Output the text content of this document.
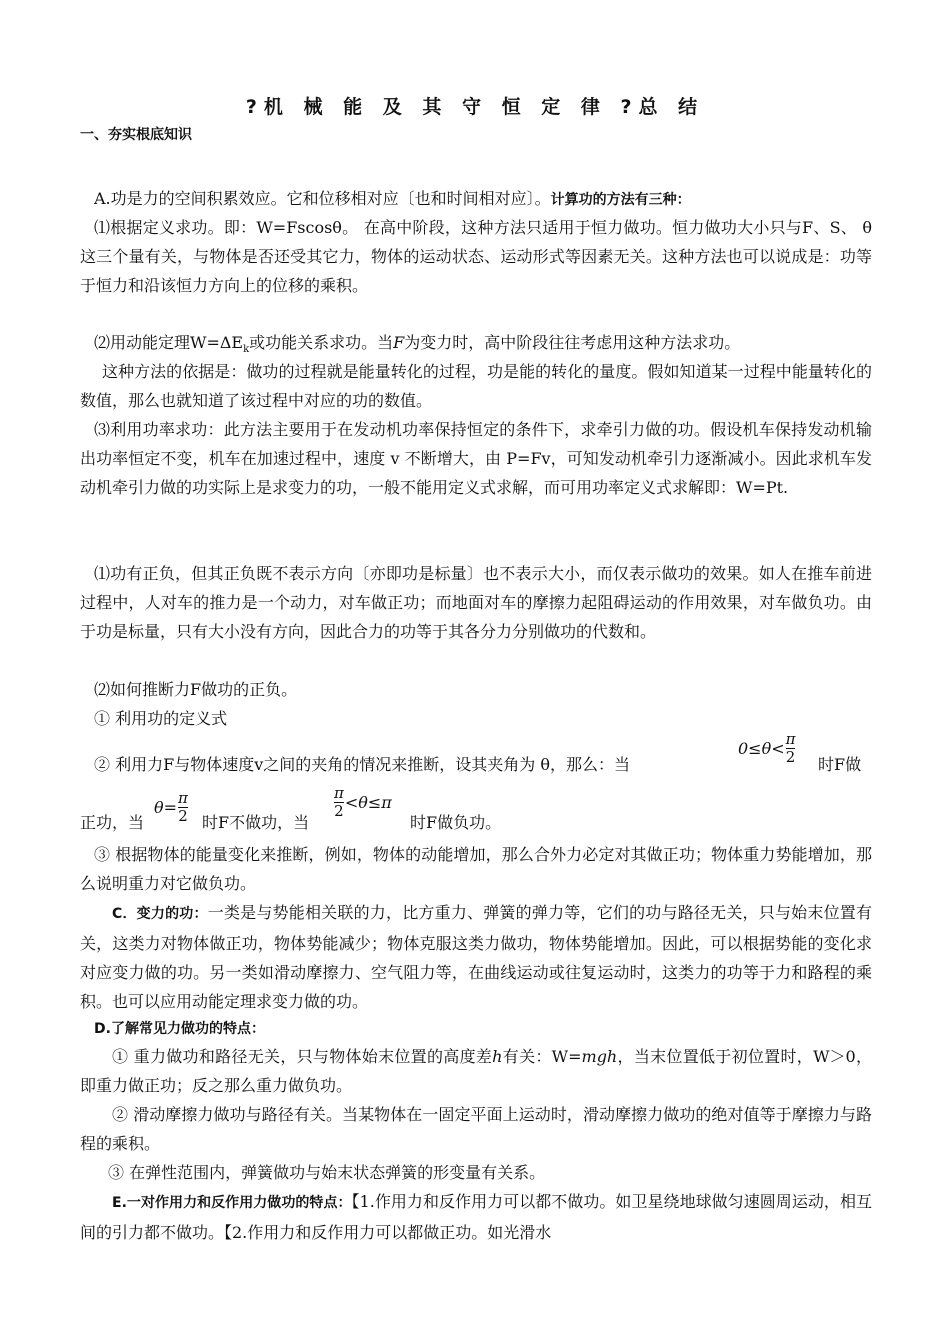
?机 械 能 及 其 守 恒 定 律 ?总 结
一、夯实根底知识

A.功是力的空间积累效应。它和位移相对应〔也和时间相对应〕。计算功的方法有三种：

⑴根据定义求功。即：W=Fscosθ。 在高中阶段，这种方法只适用于恒力做功。恒力做功大小只与F、S、 θ 这三个量有关，与物体是否还受其它力，物体的运动状态、运动形式等因素无关。这种方法也可以说成是：功等于恒力和沿该恒力方向上的位移的乘积。

⑵用动能定理$W=\Delta E_k$或功能关系求功。当F为变力时，高中阶段往往考虑用这种方法求功。

这种方法的依据是：做功的过程就是能量转化的过程，功是能的转化的量度。假如知道某一过程中能量转化的数值，那么也就知道了该过程中对应的功的数值。

⑶利用功率求功：此方法主要用于在发动机功率保持恒定的条件下，求牵引力做的功。假设机车保持发动机输出功率恒定不变，机车在加速过程中，速度 v 不断增大，由 P=Fv，可知发动机牵引力逐渐减小。因此求机车发动机牵引力做的功实际上是求变力的功，一般不能用定义式求解，而可用功率定义式求解即：W=Pt.

⑴功有正负，但其正负既不表示方向〔亦即功是标量〕也不表示大小，而仅表示做功的效果。如人在推车前进过程中，人对车的推力是一个动力，对车做正功；而地面对车的摩擦力起阻碍运动的作用效果，对车做负功。由于功是标量，只有大小没有方向，因此合力的功等于其各分力分别做功的代数和。

⑵如何推断力F做功的正负。

① 利用功的定义式

② 利用力F与物体速度v之间的夹角的情况来推断，设其夹角为 θ，那么：当
$0\le\theta< \frac{\pi}{2}$ 时F做
正功，当
$\theta= \frac{\pi}{2}$ 时F不做功，当
$\frac{\pi}{2} <\theta\le\pi$
时F做负功。

③ 根据物体的能量变化来推断，例如，物体的动能增加，那么合外力必定对其做正功；物体重力势能增加，那么说明重力对它做负功。

C．变力的功：一类是与势能相关联的力，比方重力、弹簧的弹力等，它们的功与路径无关，只与始末位置有关，这类力对物体做正功，物体势能减少；物体克服这类力做功，物体势能增加。因此，可以根据势能的变化求对应变力做的功。另一类如滑动摩擦力、空气阻力等，在曲线运动或往复运动时，这类力的功等于力和路程的乘积。也可以应用动能定理求变力做的功。

D.了解常见力做功的特点：

① 重力做功和路径无关，只与物体始末位置的高度差h有关：W=mgh，当末位置低于初位置时，W＞0，即重力做正功；反之那么重力做负功。

② 滑动摩擦力做功与路径有关。当某物体在一固定平面上运动时，滑动摩擦力做功的绝对值等于摩擦力与路程的乘积。

③ 在弹性范围内，弹簧做功与始末状态弹簧的形变量有关系。

E.一对作用力和反作用力做功的特点：【1.作用力和反作用力可以都不做功。如卫星绕地球做匀速圆周运动，相互间的引力都不做功。【2.作用力和反作用力可以都做正功。如光滑水
